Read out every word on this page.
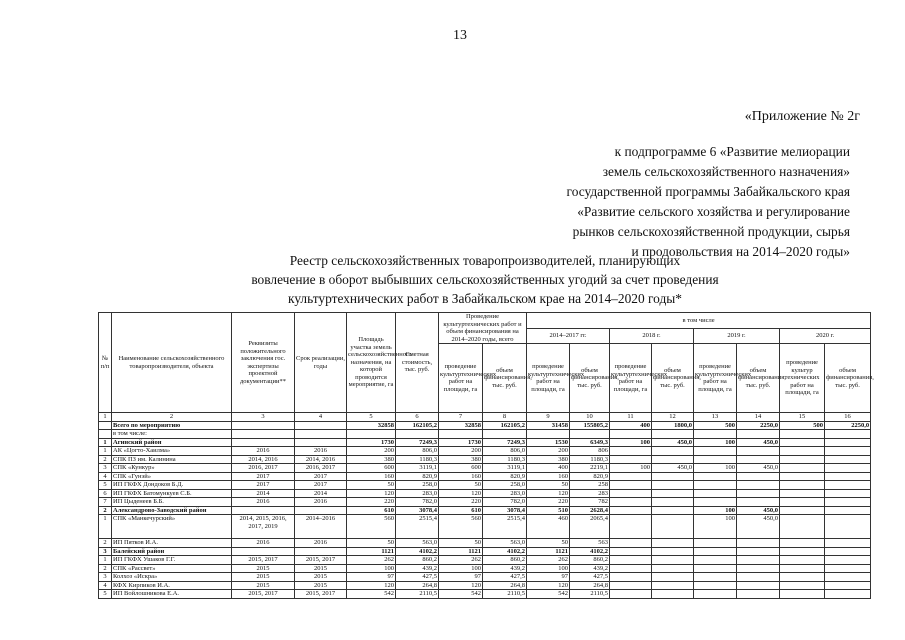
13
«Приложение № 2г
к подпрограмме 6 «Развитие мелиорации
земель сельскохозяйственного назначения»
государственной программы Забайкальского края
«Развитие сельского хозяйства и регулирование
рынков сельскохозяйственной продукции, сырья
и продовольствия на 2014–2020 годы»
Реестр сельскохозяйственных товаропроизводителей, планирующих
вовлечение в оборот выбывших сельскохозяйственных угодий за счет проведения
культуртехнических работ в Забайкальском крае на 2014–2020 годы*
№ п/п	Наименование сельскохозяйственного товаропроизводителя, объекта	Реквизиты положительного заключения гос. экспертизы проектной документации**	Срок реализации, годы	Площадь участка земель сельскохозяйственного назначения, на которой проводится мероприятие, га	Сметная стоимость, тыс. руб.	Проведение культуртехнических работ и объем финансирования на 2014–2020 годы, всего		в том числе							
								2014–2017 гг.		2018 г.		2019 г.		2020 г.	
						проведение культуртехнических работ на площади, га	объем финансирования, тыс. руб.	проведение культуртехнических работ на площади, га	объем финансирования, тыс. руб.	проведение культуртехнических работ на площади, га	объем финансирования, тыс. руб.	проведение культуртехнических работ на площади, га	объем финансирования, тыс. руб.	проведение культур технических работ на площади, га	объем финансирования, тыс. руб.
1	2	3	4	5	6	7	8	9	10	11	12	13	14	15	16
	Всего по мероприятию			32858	162105,2	32858	162105,2	31458	155805,2	400	1800,0	500	2250,0	500	2250,0
	в том числе:														
1	Агинский район			1730	7249,3	1730	7249,3	1530	6349,3	100	450,0	100	450,0		
1	АК «Цогто-Хаилма»	2016	2016	200	806,0	200	806,0	200	806						
2	СПК ПЗ им. Калинина	2014, 2016	2014, 2016	380	1180,3	380	1180,3	380	1180,3						
3	СПК «Кункур»	2016, 2017	2016, 2017	600	3119,1	600	3119,1	400	2219,1	100	450,0	100	450,0		
4	СПК «Гунэй»	2017	2017	160	820,9	160	820,9	160	820,9						
5	ИП ГКФХ Дондоков Б.Д.	2017	2017	50	258,0	50	258,0	50	258						
6	ИП ГКФХ Батомункуев С.Б.	2014	2014	120	283,0	120	283,0	120	283						
7	ИП Цыденеев Б.Б.	2016	2016	220	782,0	220	782,0	220	782						
2	Александрово-Заводский район			610	3078,4	610	3078,4	510	2628,4			100	450,0		
1	СПК «Манкечурский»	2014, 2015, 2016, 2017, 2019	2014–2016	560	2515,4	560	2515,4	460	2065,4			100	450,0		
2	ИП Пятков И.А.	2016	2016	50	563,0	50	563,0	50	563						
3	Балейский район			1121	4102,2	1121	4102,2	1121	4102,2						
1	ИП ГКФХ Ушаков Г.Г.	2015, 2017	2015, 2017	262	860,2	262	860,2	262	860,2						
2	СПК «Рассвет»	2015	2015	100	439,2	100	439,2	100	439,2						
3	Колхоз «Искра»	2015	2015	97	427,5	97	427,5	97	427,5						
4	КФХ Кирпиков И.А.	2015	2015	120	264,8	120	264,8	120	264,8						
5	ИП Войлошникова Е.А.	2015, 2017	2015, 2017	542	2110,5	542	2110,5	542	2110,5						
